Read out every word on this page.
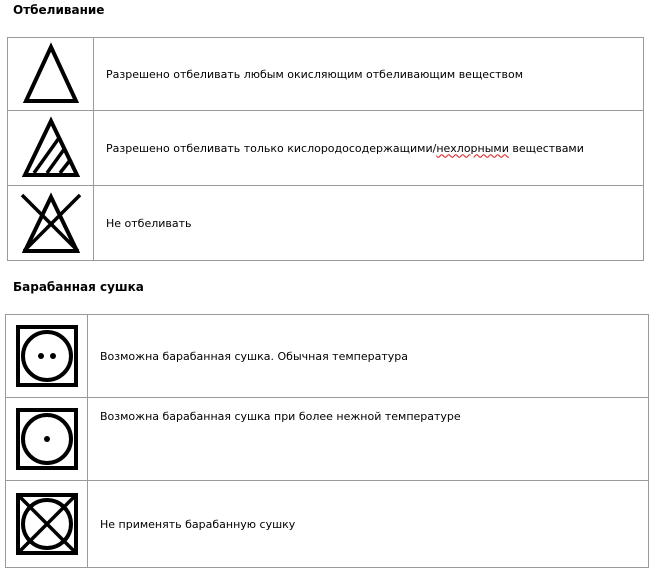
Отбеливание
	Разрешено отбеливать любым окисляющим отбеливающим веществом

	Разрешено отбеливать только кислородосодержащими/нехлорными веществами

	Не отбеливать
Барабанная сушка
	Возможна барабанная сушка. Обычная температура

	Возможна барабанная сушка при более нежной температуре

	Не применять барабанную сушку
